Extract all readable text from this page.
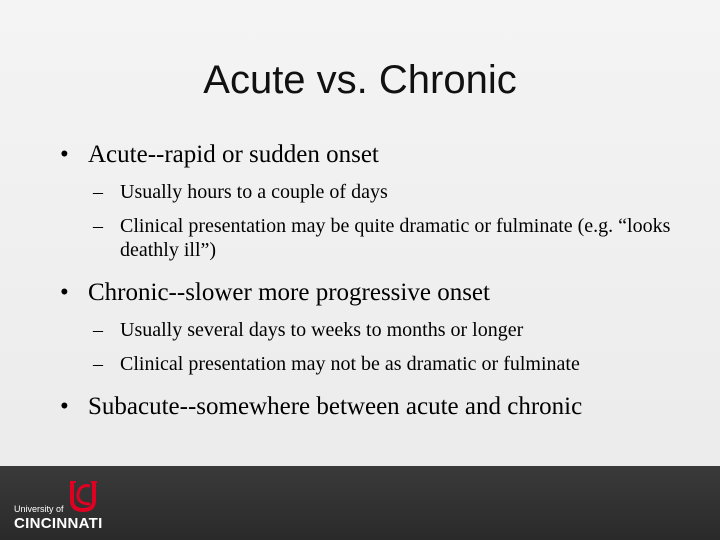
Acute vs. Chronic
• Acute--rapid or sudden onset
– Usually hours to a couple of days
– Clinical presentation may be quite dramatic or fulminate (e.g. “looks deathly ill”)
• Chronic--slower more progressive onset
– Usually several days to weeks to months or longer
– Clinical presentation may not be as dramatic or fulminate
• Subacute--somewhere between acute and chronic
University of
CINCINNATI
